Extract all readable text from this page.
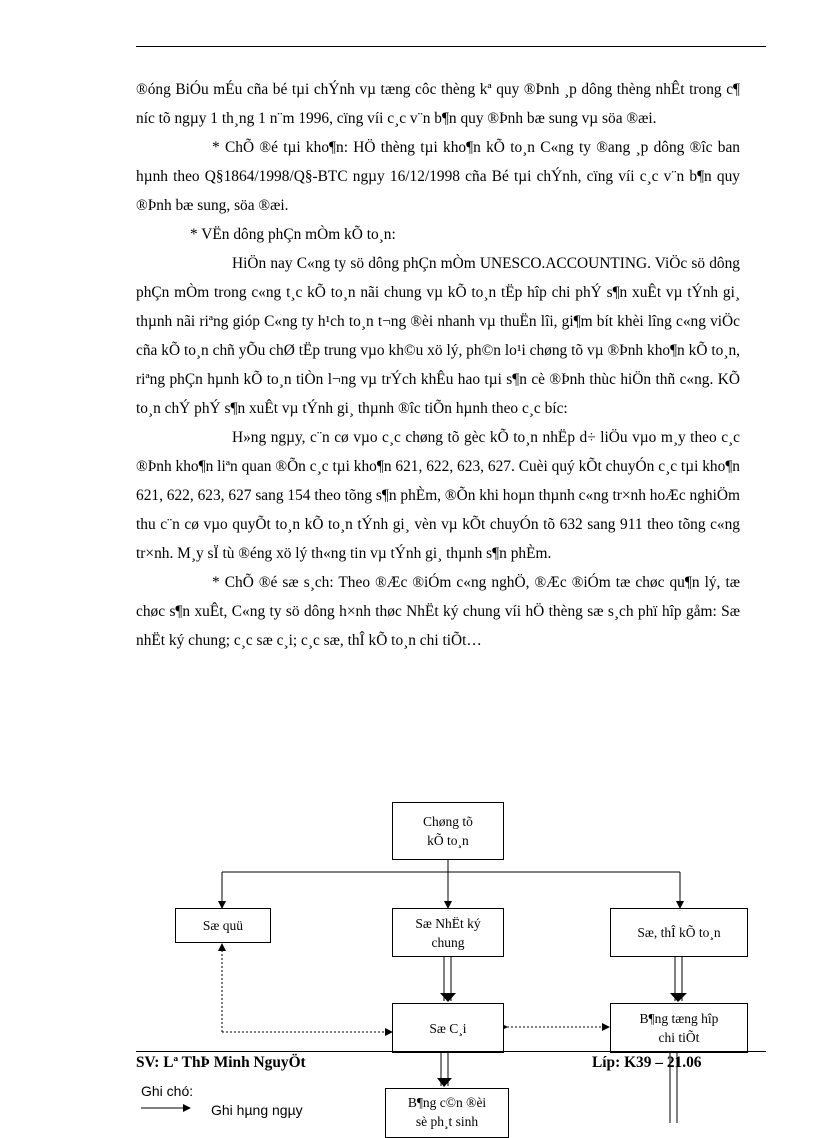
®óng BiÓu mÉu cña bé tµi chÝnh vµ tæng côc thèng kª quy ®Þnh ¸p dông thèng nhÊt trong c¶ níc tõ ngµy 1 th¸ng 1 n¨m 1996, cïng víi c¸c v¨n b¶n quy ®Þnh bæ sung vµ söa ®æi.

* ChÕ ®é tµi kho¶n: HÖ thèng tµi kho¶n kÕ to¸n C«ng ty ®ang ¸p dông ®îc ban hµnh theo Q§1864/1998/Q§-BTC ngµy 16/12/1998 cña Bé tµi chÝnh, cïng víi c¸c v¨n b¶n quy ®Þnh bæ sung, söa ®æi.

* VËn dông phÇn mÒm kÕ to¸n:

HiÖn nay C«ng ty sö dông phÇn mÒm UNESCO.ACCOUNTING. ViÖc sö dông phÇn mÒm trong c«ng t¸c kÕ to¸n nãi chung vµ kÕ to¸n tËp hîp chi phÝ s¶n xuÊt vµ tÝnh gi¸ thµnh nãi riªng gióp C«ng ty h¹ch to¸n t¬ng ®èi nhanh vµ thuËn lîi, gi¶m bít khèi lîng c«ng viÖc cña kÕ to¸n chñ yÕu chØ tËp trung vµo kh©u xö lý, ph©n lo¹i chøng tõ vµ ®Þnh kho¶n kÕ to¸n, riªng phÇn hµnh kÕ to¸n tiÒn l¬ng vµ trÝch khÊu hao tµi s¶n cè ®Þnh thùc hiÖn thñ c«ng. KÕ to¸n chÝ phÝ s¶n xuÊt vµ tÝnh gi¸ thµnh ®îc tiÕn hµnh theo c¸c bíc:

H»ng ngµy, c¨n cø vµo c¸c chøng tõ gèc kÕ to¸n nhËp d÷ liÖu vµo m¸y theo c¸c ®Þnh kho¶n liªn quan ®Õn c¸c tµi kho¶n 621, 622, 623, 627. Cuèi quý kÕt chuyÓn c¸c tµi kho¶n 621, 622, 623, 627 sang 154 theo tõng s¶n phÈm, ®Õn khi hoµn thµnh c«ng tr×nh hoÆc nghiÖm thu c¨n cø vµo quyÕt to¸n kÕ to¸n tÝnh gi¸ vèn vµ kÕt chuyÓn tõ 632 sang 911 theo tõng c«ng tr×nh. M¸y sÏ tù ®éng xö lý th«ng tin vµ tÝnh gi¸ thµnh s¶n phÈm.

* ChÕ ®é sæ s¸ch: Theo ®Æc ®iÓm c«ng nghÖ, ®Æc ®iÓm tæ chøc qu¶n lý, tæ chøc s¶n xuÊt, C«ng ty sö dông h×nh thøc NhËt ký chung víi hÖ thèng sæ s¸ch phï hîp gåm: Sæ nhËt ký chung; c¸c sæ c¸i; c¸c sæ, thÎ kÕ to¸n chi tiÕt…

Chøng tõ
kÕ to¸n
Sæ quü	Sæ NhËt ký
chung
Sæ, thÎ kÕ to¸n
Sæ C¸i
B¶ng tæng hîp
chi tiÕt
B¶ng c©n ®èi
sè ph¸t sinh
SV: Lª ThÞ Minh NguyÖt	Líp: K39 – 21.06
Ghi chó:
Ghi hµng ngµy
